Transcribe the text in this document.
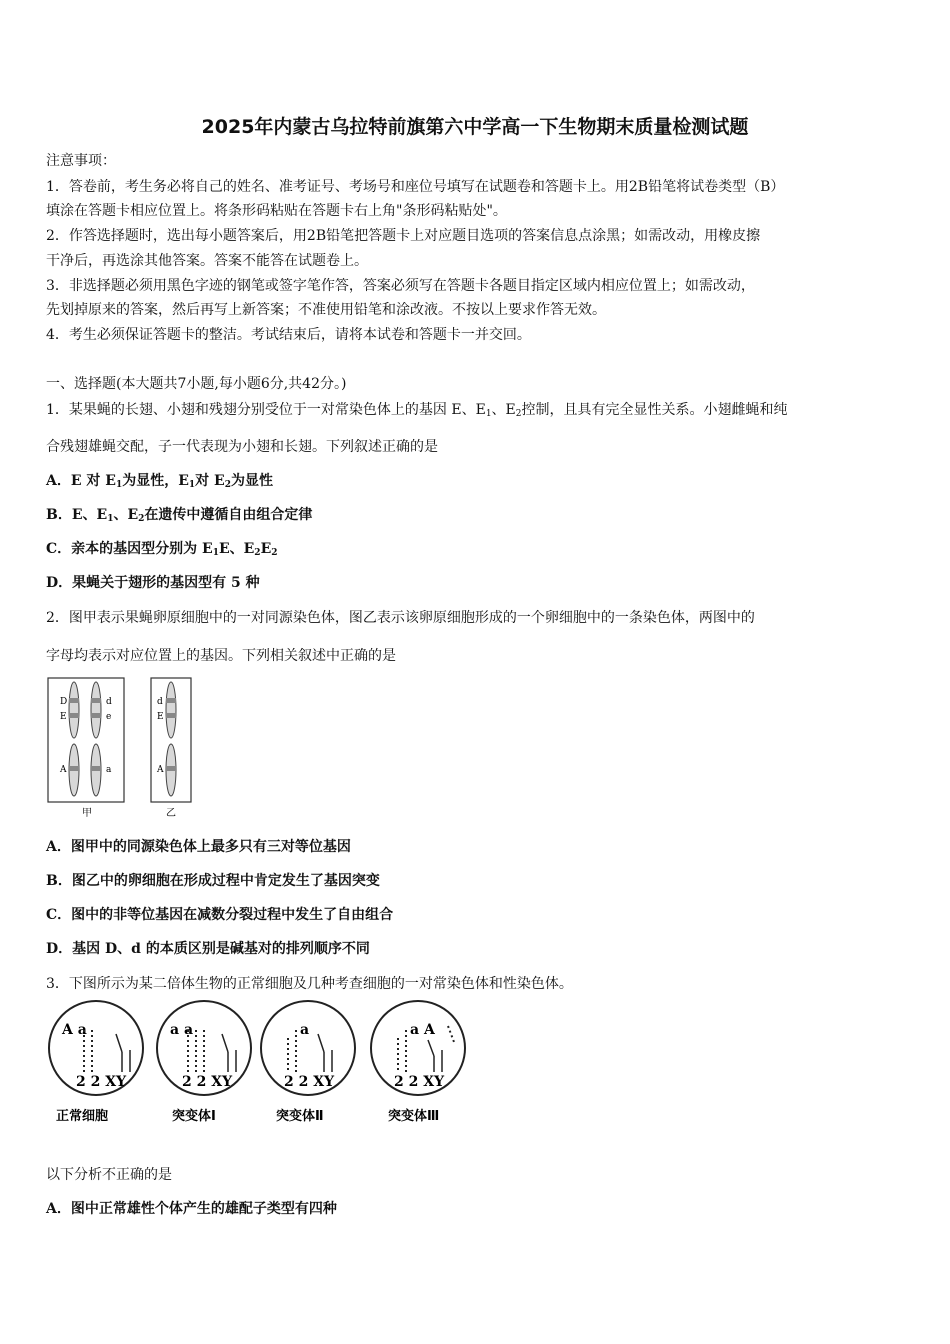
2025年内蒙古乌拉特前旗第六中学高一下生物期末质量检测试题
注意事项：
1．答卷前，考生务必将自己的姓名、准考证号、考场号和座位号填写在试题卷和答题卡上。用2B铅笔将试卷类型（B）
填涂在答题卡相应位置上。将条形码粘贴在答题卡右上角"条形码粘贴处"。
2．作答选择题时，选出每小题答案后，用2B铅笔把答题卡上对应题目选项的答案信息点涂黑；如需改动，用橡皮擦
干净后，再选涂其他答案。答案不能答在试题卷上。
3．非选择题必须用黑色字迹的钢笔或签字笔作答，答案必须写在答题卡各题目指定区域内相应位置上；如需改动，
先划掉原来的答案，然后再写上新答案；不准使用铅笔和涂改液。不按以上要求作答无效。
4．考生必须保证答题卡的整洁。考试结束后，请将本试卷和答题卡一并交回。
一、选择题(本大题共7小题,每小题6分,共42分。)
1．某果蝇的长翅、小翅和残翅分别受位于一对常染色体上的基因 E、$E_1$、$E_2$控制，且具有完全显性关系。小翅雌蝇和纯
合残翅雄蝇交配，子一代表现为小翅和长翅。下列叙述正确的是
A．E 对 $E_1$为显性，$E_1$对 $E_2$为显性
B．E、$E_1$、$E_2$在遗传中遵循自由组合定律
C．亲本的基因型分别为 $E_1E$、$E_2E_2$
D．果蝇关于翅形的基因型有 5 种
2．图甲表示果蝇卵原细胞中的一对同源染色体，图乙表示该卵原细胞形成的一个卵细胞中的一条染色体，两图中的
字母均表示对应位置上的基因。下列相关叙述中正确的是
D
E
A
d
e
a
d
E
A
甲	乙
A．图甲中的同源染色体上最多只有三对等位基因
B．图乙中的卵细胞在形成过程中肯定发生了基因突变
C．图中的非等位基因在减数分裂过程中发生了自由组合
D．基因 D、d 的本质区别是碱基对的排列顺序不同
3．下图所示为某二倍体生物的正常细胞及几种考查细胞的一对常染色体和性染色体。
A a
2 2 XY
正常细胞
a a
2 2 XY
突变体Ⅰ
a
2 2 XY
突变体Ⅱ
a A
2 2 XY
突变体Ⅲ
以下分析不正确的是
A．图中正常雄性个体产生的雄配子类型有四种
